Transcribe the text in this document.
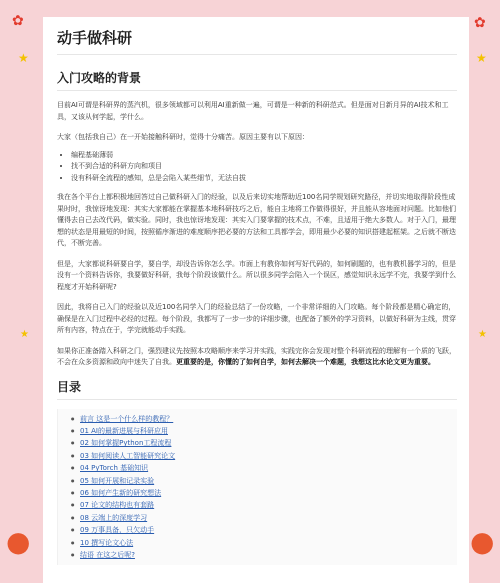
✿
★	★
✿
●	●
★	★
动手做科研
入门攻略的背景

目前AI可谓是科研界的蒸汽机，很多领域都可以利用AI重新做一遍，可谓是一种新的科研范式。但是面对日新月异的AI技术和工具，又该从何学起，学什么。

大家（包括我自己）在一开始接触科研时，觉得十分痛苦。原因主要有以下原因：

• 编程基础薄弱
• 找不到合适的科研方向和项目
• 没有科研全流程的感知，总是会陷入某些细节，无法自拔

我在各个平台上都积极地回答过自己做科研入门的经验，以及后来切实地帮助近100名同学规划研究路径，并切实地取得阶段性成果时时，我惊讶地发现：其实大家都能在掌握基本地科研技巧之后，能自主地将工作做得很好，并且能从容地面对问题。比如他们懂得去自己去改代码，做实验。同时，我也惊讶地发现：其实入门要掌握的技术点，不难，且适用于绝大多数人。对于入门，最理想的状态是用最短的时间，按照循序渐进的难度顺序把必要的方法和工具都学会，即用最少必要的知识搭建起框架。之后就不断迭代，不断完善。

但是，大家都说科研要自学，要自学，却没告诉你怎么学。市面上有教你如何写好代码的，如何刷题的，也有教机器学习的，但是没有一个资料告诉你，我要做好科研，我每个阶段该做什么。所以很多同学会陷入一个误区，感觉知识永远学不完，我要学到什么程度才开始科研呢?

因此，我将自己入门的经验以及近100名同学入门的经验总结了一份攻略，一个非常详细的入门攻略。每个阶段都是精心确定的，确保是在入门过程中必经的过程。每个阶段，我都写了一步一步的详细步骤，也配备了额外的学习资料，以做好科研为主线，贯穿所有内容，特点在于，学完就能动手实践。

如果你正准备踏入科研之门，强烈建议先按照本攻略顺序来学习并实践，实践完你会发现对整个科研流程的理解有一个质的飞跃，不会在众多资源和政向中迷失了自我。更重要的是，你懂的了如何自学，如何去解决一个难题，我想这比水论文更为重要。

目录
● 前言 这是一个什么样的教程？
● 01 AI的最新进展与科研应用
● 02 如何掌握Python工程流程
● 03 如何阅读人工智能研究论文
● 04 PyTorch 基础知识
● 05 如何开展和记录实验
● 06 如何产生新的研究想法
● 07 论文的结构也有套路
● 08 云端上的深度学习
● 09 万事具备，只欠动手
● 10 撰写论文心法
● 结语 在这之后呢?
